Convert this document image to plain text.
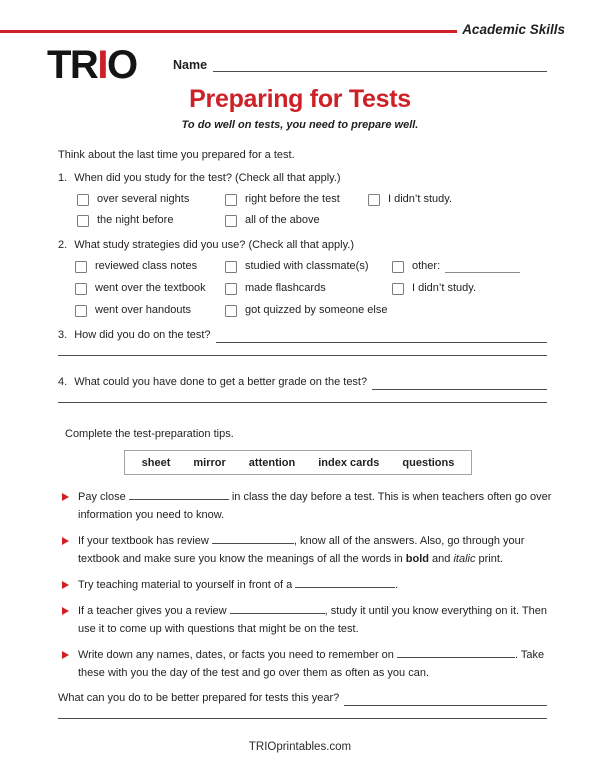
Academic Skills
TRIO	Name
Preparing for Tests
To do well on tests, you need to prepare well.
Think about the last time you prepared for a test.
1. When did you study for the test? (Check all that apply.)
over several nights	right before the test	I didn’t study.
the night before	all of the above
2. What study strategies did you use? (Check all that apply.)
reviewed class notes	studied with classmate(s)	other:
went over the textbook	made flashcards	I didn’t study.
went over handouts	got quizzed by someone else
3. How did you do on the test?
4. What could you have done to get a better grade on the test?
Complete the test-preparation tips.
sheet mirror attention index cards questions
Pay close	in class the day before a test. This is when teachers often go over information you need to know.
If your textbook has review	, know all of the answers. Also, go through your textbook and make sure you know the meanings of all the words in bold and italic print.
Try teaching material to yourself in front of a	.
If a teacher gives you a review	, study it until you know everything on it. Then use it to come up with questions that might be on the test.
Write down any names, dates, or facts you need to remember on	. Take these with you the day of the test and go over them as often as you can.
What can you do to be better prepared for tests this year?
TRIOprintables.com
